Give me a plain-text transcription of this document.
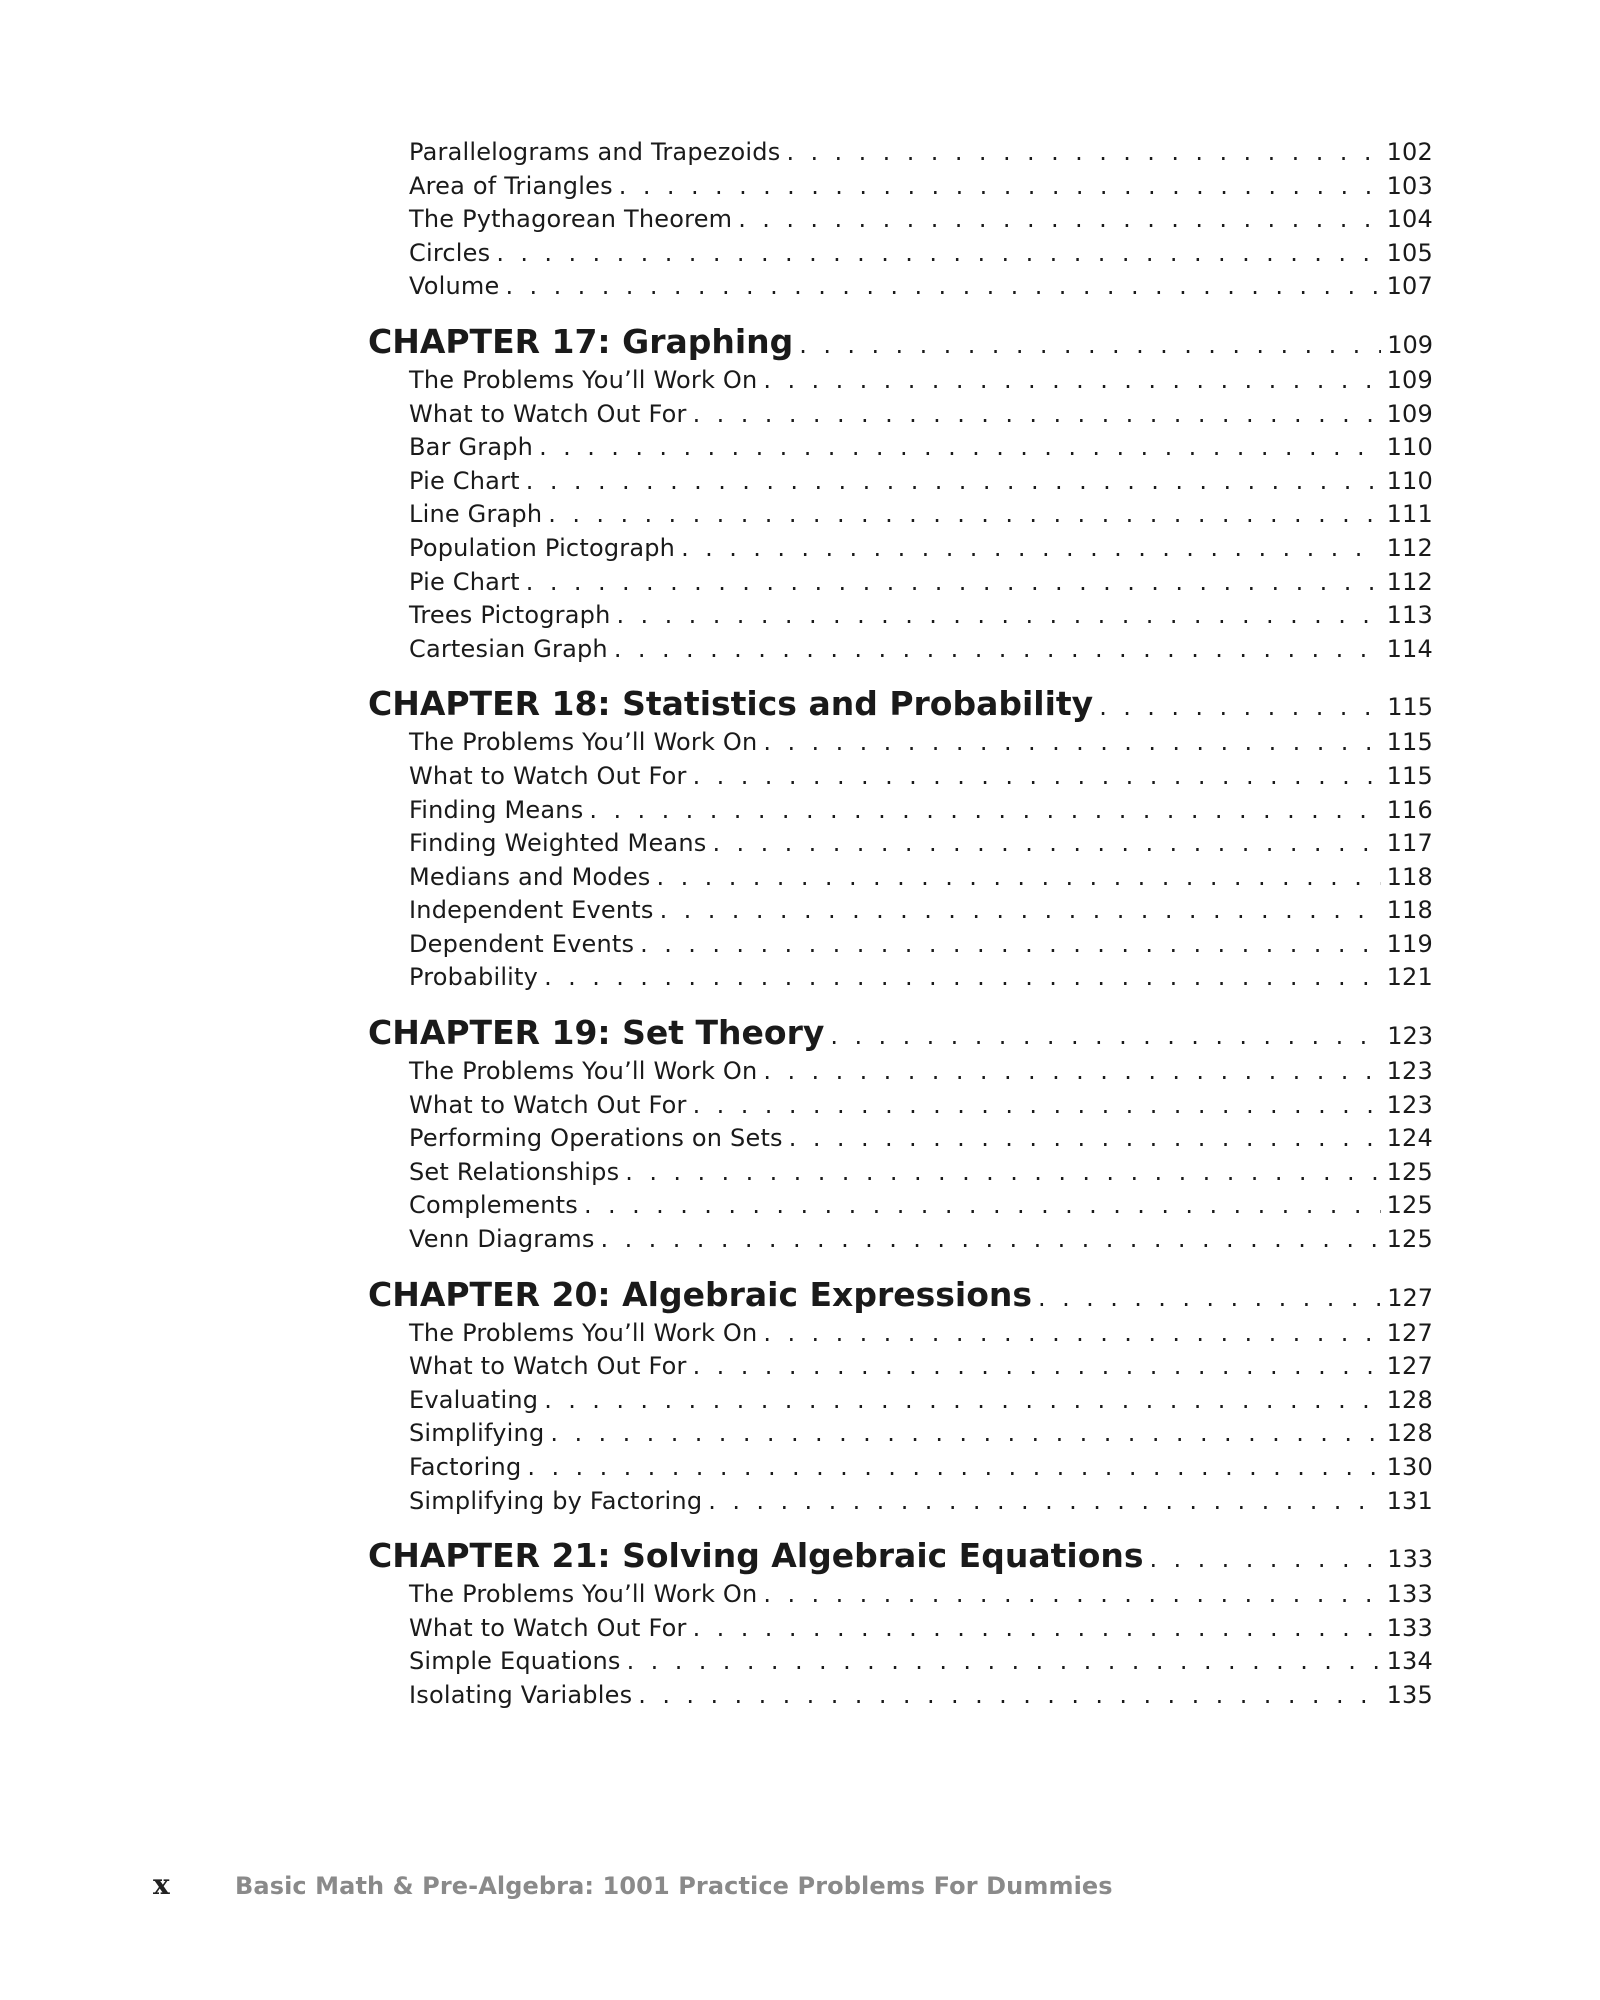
Parallelograms and Trapezoids . . .	102
Area of Triangles . . .	103
The Pythagorean Theorem . . .	104
Circles . . .	105
Volume . . .	107
CHAPTER 17: Graphing . . .	109
The Problems You’ll Work On . . .	109
What to Watch Out For . . .	109
Bar Graph . . .	110
Pie Chart . . .	110
Line Graph . . .	111
Population Pictograph . . .	112
Pie Chart . . .	112
Trees Pictograph . . .	113
Cartesian Graph . . .	114
CHAPTER 18: Statistics and Probability . . .	115
The Problems You’ll Work On . . .	115
What to Watch Out For . . .	115
Finding Means . . .	116
Finding Weighted Means . . .	117
Medians and Modes . . .	118
Independent Events . . .	118
Dependent Events . . .	119
Probability . . .	121
CHAPTER 19: Set Theory . . .	123
The Problems You’ll Work On . . .	123
What to Watch Out For . . .	123
Performing Operations on Sets . . .	124
Set Relationships . . .	125
Complements . . .	125
Venn Diagrams . . .	125
CHAPTER 20: Algebraic Expressions . . .	127
The Problems You’ll Work On . . .	127
What to Watch Out For . . .	127
Evaluating . . .	128
Simplifying . . .	128
Factoring . . .	130
Simplifying by Factoring . . .	131
CHAPTER 21: Solving Algebraic Equations . . .	133
The Problems You’ll Work On . . .	133
What to Watch Out For . . .	133
Simple Equations . . .	134
Isolating Variables . . .	135
x	Basic Math & Pre-Algebra: 1001 Practice Problems For Dummies
